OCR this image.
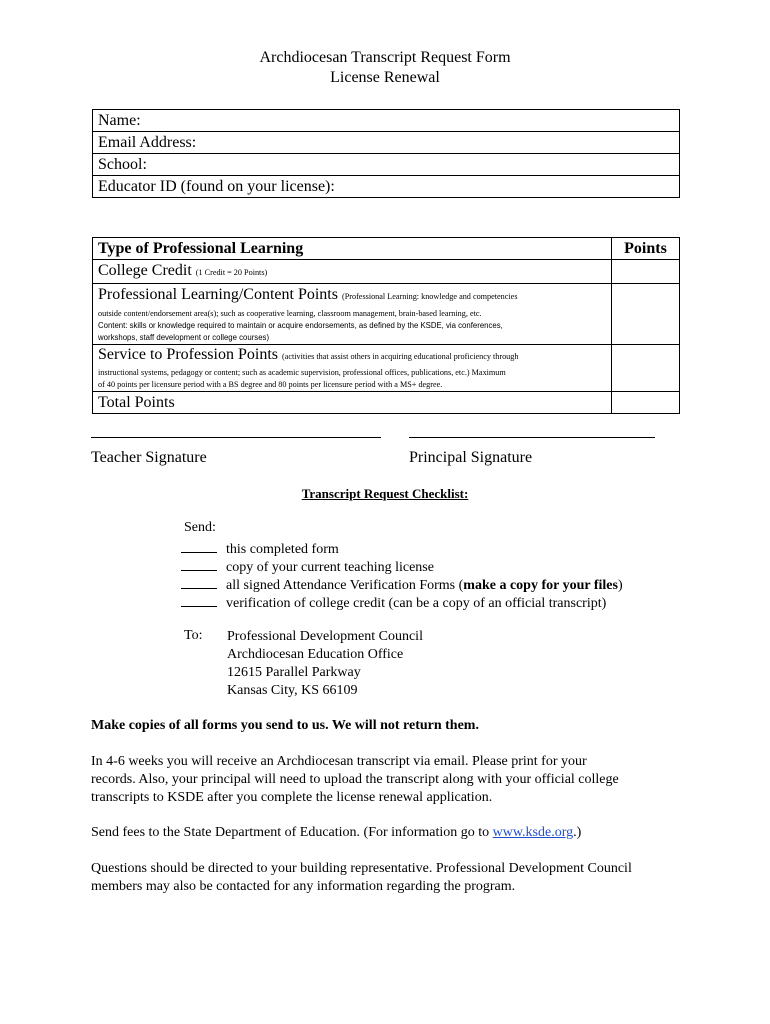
Archdiocesan Transcript Request Form
License Renewal
Name:
Email Address:
School:
Educator ID (found on your license):
Type of Professional Learning	Points
College Credit (1 Credit = 20 Points)	

Professional Learning/Content Points (Professional Learning: knowledge and competencies
outside content/endorsement area(s); such as cooperative learning, classroom management, brain-based learning, etc.
Content: skills or knowledge required to maintain or acquire endorsements, as defined by the KSDE, via conferences,
workshops, staff development or college courses)	

Service to Profession Points (activities that assist others in acquiring educational proficiency through
instructional systems, pedagogy or content; such as academic supervision, professional offices, publications, etc.) Maximum
of 40 points per licensure period with a BS degree and 80 points per licensure period with a MS+ degree.	

Total Points	
Teacher Signature	Principal Signature
Transcript Request Checklist:
Send:
this completed form
copy of your current teaching license
all signed Attendance Verification Forms (make a copy for your files)
verification of college credit (can be a copy of an official transcript)
To: Professional Development Council
Archdiocesan Education Office
12615 Parallel Parkway
Kansas City, KS 66109
Make copies of all forms you send to us. We will not return them.
In 4-6 weeks you will receive an Archdiocesan transcript via email. Please print for your
records. Also, your principal will need to upload the transcript along with your official college
transcripts to KSDE after you complete the license renewal application.
Send fees to the State Department of Education. (For information go to www.ksde.org.)
Questions should be directed to your building representative. Professional Development Council
members may also be contacted for any information regarding the program.
